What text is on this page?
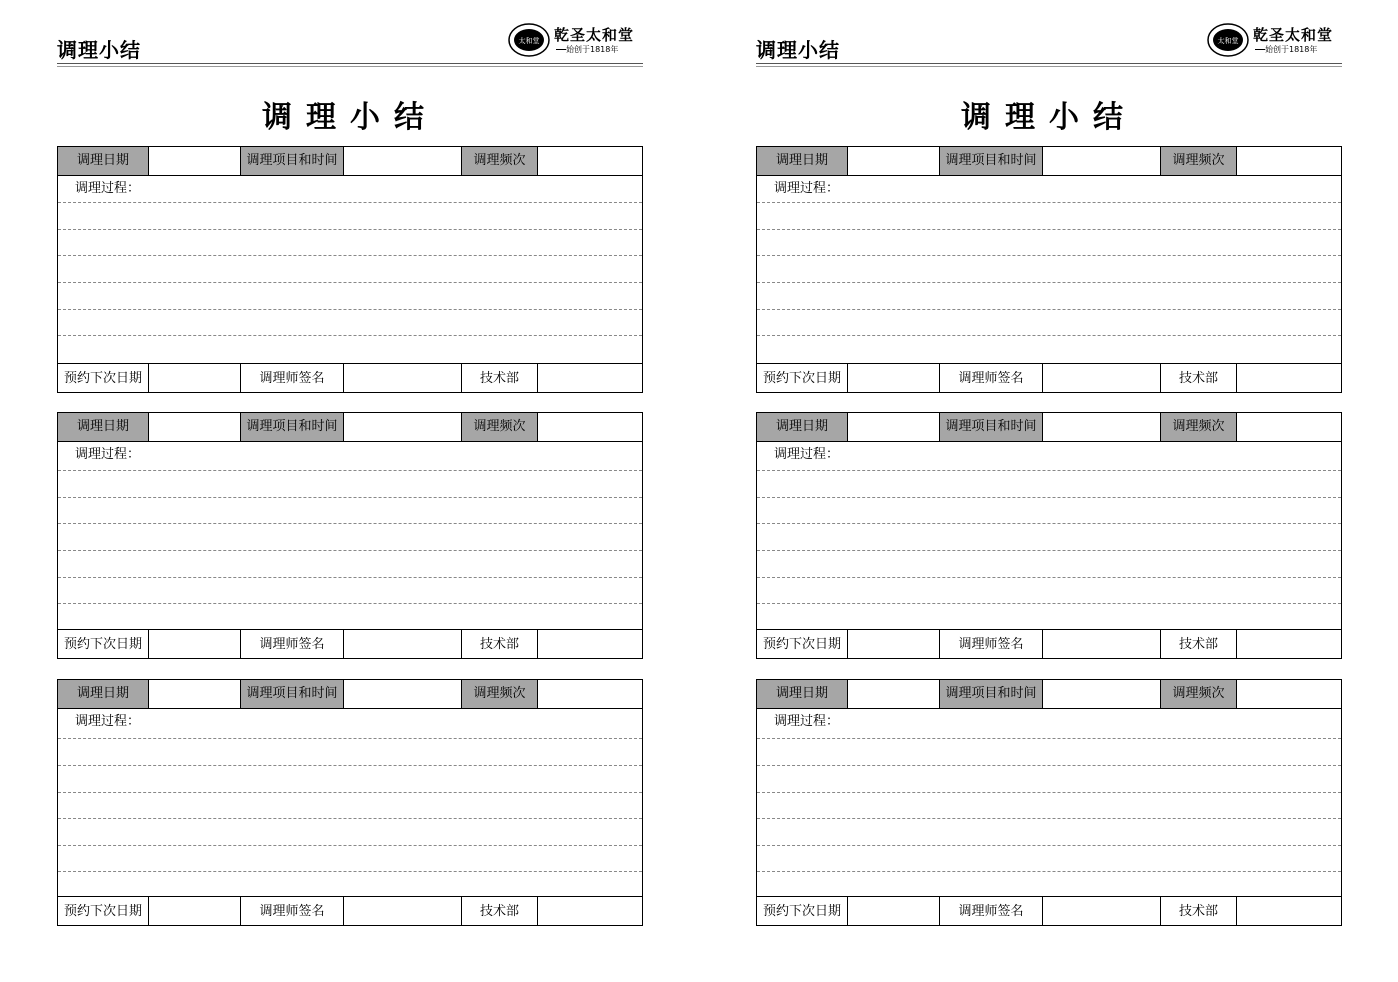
调理小结	太和堂 乾圣太和堂
始创于1818年
调理小结
调理日期	调理项目和时间	调理频次
调理过程：
预约下次日期	调理师签名	技术部
调理日期	调理项目和时间	调理频次
调理过程：
预约下次日期	调理师签名	技术部
调理日期	调理项目和时间	调理频次
调理过程：
预约下次日期	调理师签名	技术部
调理小结	太和堂 乾圣太和堂
始创于1818年
调理小结
调理日期	调理项目和时间	调理频次
调理过程：
预约下次日期	调理师签名	技术部
调理日期	调理项目和时间	调理频次
调理过程：
预约下次日期	调理师签名	技术部
调理日期	调理项目和时间	调理频次
调理过程：
预约下次日期	调理师签名	技术部
